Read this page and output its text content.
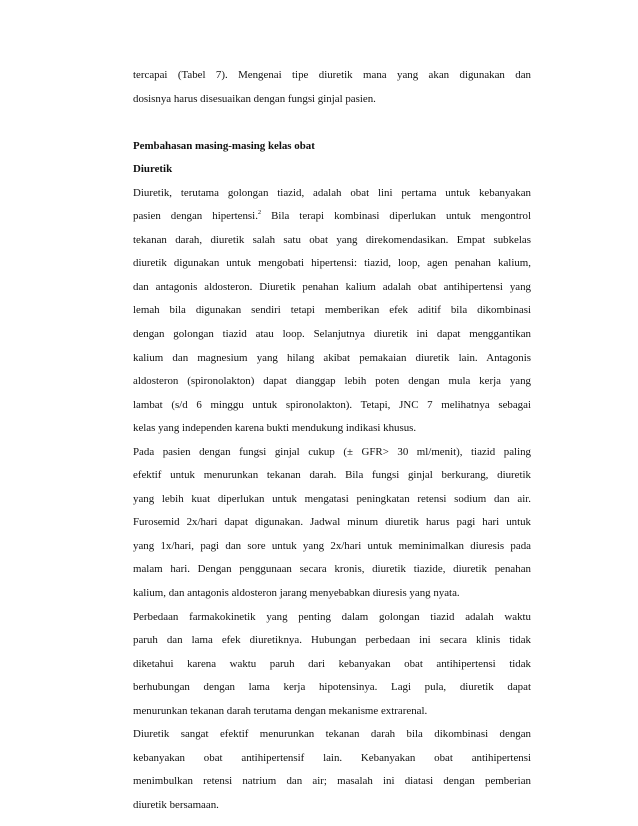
tercapai (Tabel 7). Mengenai tipe diuretik mana yang akan digunakan dan
dosisnya harus disesuaikan dengan fungsi ginjal pasien.
Pembahasan masing-masing kelas obat
Diuretik
Diuretik, terutama golongan tiazid, adalah obat lini pertama untuk kebanyakan
pasien dengan hipertensi.$^2$ Bila terapi kombinasi diperlukan untuk mengontrol
tekanan darah, diuretik salah satu obat yang direkomendasikan. Empat subkelas
diuretik digunakan untuk mengobati hipertensi: tiazid, loop, agen penahan kalium,
dan antagonis aldosteron. Diuretik penahan kalium adalah obat antihipertensi yang
lemah bila digunakan sendiri tetapi memberikan efek aditif bila dikombinasi
dengan golongan tiazid atau loop. Selanjutnya diuretik ini dapat menggantikan
kalium dan magnesium yang hilang akibat pemakaian diuretik lain. Antagonis
aldosteron (spironolakton) dapat dianggap lebih poten dengan mula kerja yang
lambat (s/d 6 minggu untuk spironolakton). Tetapi, JNC 7 melihatnya sebagai
kelas yang independen karena bukti mendukung indikasi khusus.
Pada pasien dengan fungsi ginjal cukup (± GFR> 30 ml/menit), tiazid paling
efektif untuk menurunkan tekanan darah. Bila fungsi ginjal berkurang, diuretik
yang lebih kuat diperlukan untuk mengatasi peningkatan retensi sodium dan air.
Furosemid 2x/hari dapat digunakan. Jadwal minum diuretik harus pagi hari untuk
yang 1x/hari, pagi dan sore untuk yang 2x/hari untuk meminimalkan diuresis pada
malam hari. Dengan penggunaan secara kronis, diuretik tiazide, diuretik penahan
kalium, dan antagonis aldosteron jarang menyebabkan diuresis yang nyata.
Perbedaan farmakokinetik yang penting dalam golongan tiazid adalah waktu
paruh dan lama efek diuretiknya. Hubungan perbedaan ini secara klinis tidak
diketahui karena waktu paruh dari kebanyakan obat antihipertensi tidak
berhubungan dengan lama kerja hipotensinya. Lagi pula, diuretik dapat
menurunkan tekanan darah terutama dengan mekanisme extrarenal.
Diuretik sangat efektif menurunkan tekanan darah bila dikombinasi dengan
kebanyakan obat antihipertensif lain. Kebanyakan obat antihipertensi
menimbulkan retensi natrium dan air; masalah ini diatasi dengan pemberian
diuretik bersamaan.
